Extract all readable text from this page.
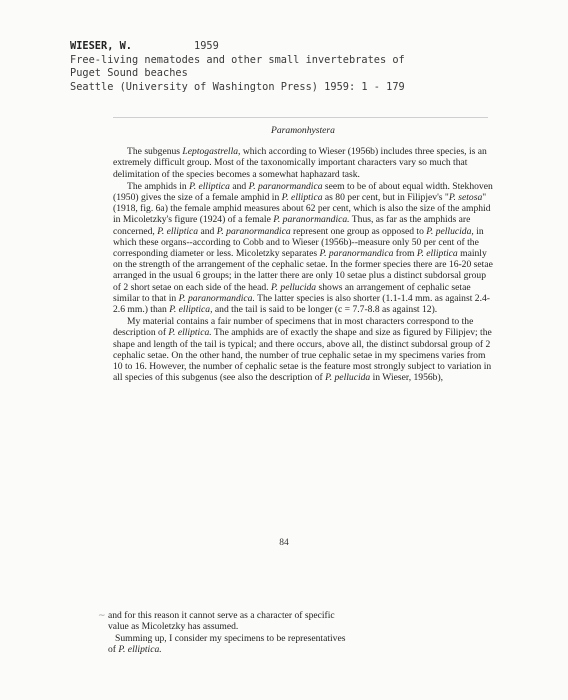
WIESER, W.	1959
Free-living nematodes and other small invertebrates of
Puget Sound beaches
Seattle (University of Washington Press) 1959: 1 - 179
Paramonhystera

The subgenus Leptogastrella, which according to Wieser (1956b) includes three species, is an extremely difficult group. Most of the taxonomically important characters vary so much that delimitation of the species becomes a somewhat haphazard task.

The amphids in P. elliptica and P. paranormandica seem to be of about equal width. Stekhoven (1950) gives the size of a female amphid in P. elliptica as 80 per cent, but in Filipjev's "P. setosa" (1918, fig. 6a) the female amphid measures about 62 per cent, which is also the size of the amphid in Micoletzky's figure (1924) of a female P. paranormandica. Thus, as far as the amphids are concerned, P. elliptica and P. paranormandica represent one group as opposed to P. pellucida, in which these organs--according to Cobb and to Wieser (1956b)--measure only 50 per cent of the corresponding diameter or less. Micoletzky separates P. paranormandica from P. elliptica mainly on the strength of the arrangement of the cephalic setae. In the former species there are 16-20 setae arranged in the usual 6 groups; in the latter there are only 10 setae plus a distinct subdorsal group of 2 short setae on each side of the head. P. pellucida shows an arrangement of cephalic setae similar to that in P. paranormandica. The latter species is also shorter (1.1-1.4 mm. as against 2.4-2.6 mm.) than P. elliptica, and the tail is said to be longer (c = 7.7-8.8 as against 12).

My material contains a fair number of specimens that in most characters correspond to the description of P. elliptica. The amphids are of exactly the shape and size as figured by Filipjev; the shape and length of the tail is typical; and there occurs, above all, the distinct subdorsal group of 2 cephalic setae. On the other hand, the number of true cephalic setae in my specimens varies from 10 to 16. However, the number of cephalic setae is the feature most strongly subject to variation in all species of this subgenus (see also the description of P. pellucida in Wieser, 1956b),

84
~ and for this reason it cannot serve as a character of specific

value as Micoletzky has assumed.

Summing up, I consider my specimens to be representatives

of P. elliptica.
